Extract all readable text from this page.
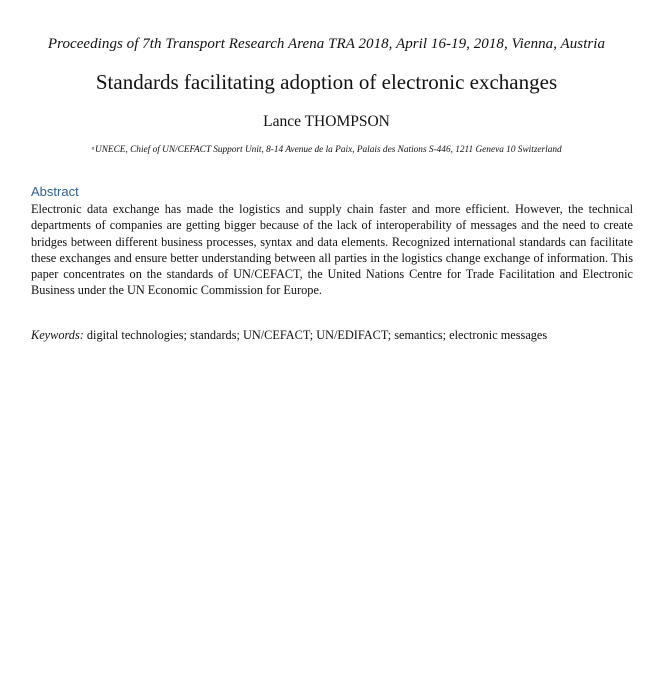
Proceedings of 7th Transport Research Arena TRA 2018, April 16-19, 2018, Vienna, Austria
Standards facilitating adoption of electronic exchanges
Lance THOMPSON
ᵃUNECE, Chief of UN/CEFACT Support Unit, 8-14 Avenue de la Paix, Palais des Nations S-446, 1211 Geneva 10 Switzerland
Abstract
Electronic data exchange has made the logistics and supply chain faster and more efficient. However, the technical departments of companies are getting bigger because of the lack of interoperability of messages and the need to create bridges between different business processes, syntax and data elements. Recognized international standards can facilitate these exchanges and ensure better understanding between all parties in the logistics change exchange of information. This paper concentrates on the standards of UN/CEFACT, the United Nations Centre for Trade Facilitation and Electronic Business under the UN Economic Commission for Europe.
Keywords: digital technologies; standards; UN/CEFACT; UN/EDIFACT; semantics; electronic messages
